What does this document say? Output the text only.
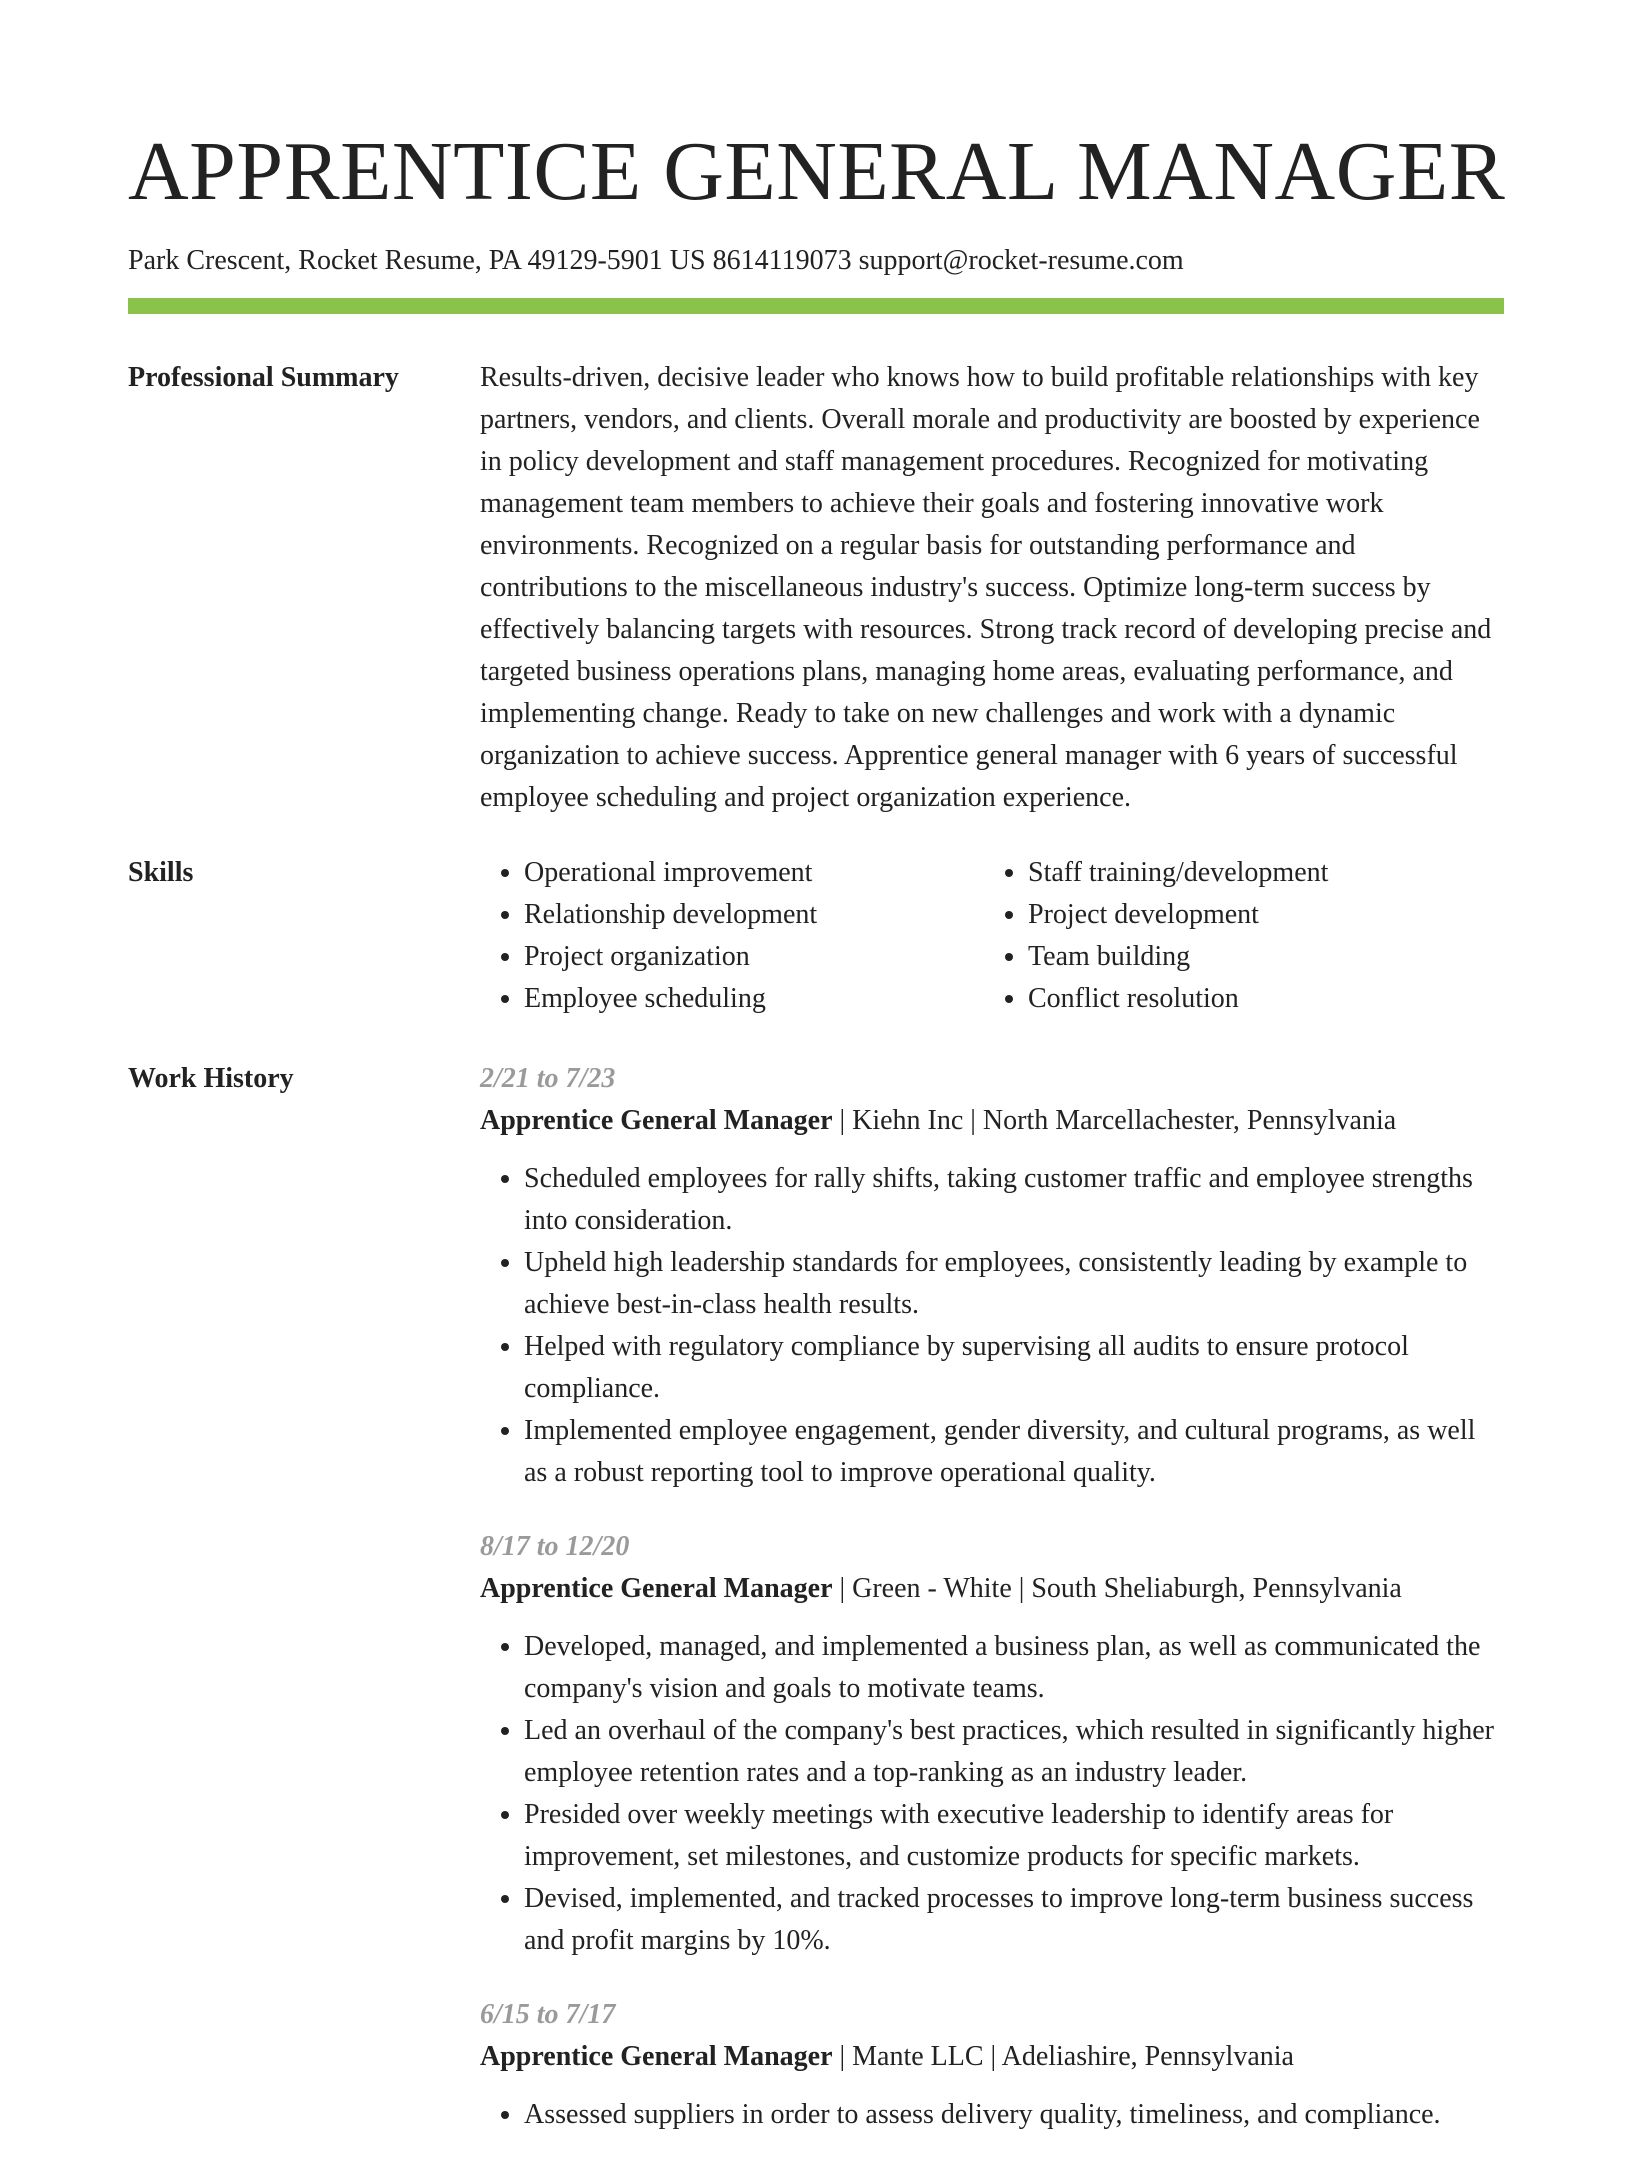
APPRENTICE GENERAL MANAGER
Park Crescent, Rocket Resume, PA 49129-5901 US 8614119073 support@rocket-resume.com
Professional Summary	Results-driven, decisive leader who knows how to build profitable relationships with key partners, vendors, and clients. Overall morale and productivity are boosted by experience in policy development and staff management procedures. Recognized for motivating management team members to achieve their goals and fostering innovative work environments. Recognized on a regular basis for outstanding performance and contributions to the miscellaneous industry's success. Optimize long-term success by effectively balancing targets with resources. Strong track record of developing precise and targeted business operations plans, managing home areas, evaluating performance, and implementing change. Ready to take on new challenges and work with a dynamic organization to achieve success. Apprentice general manager with 6 years of successful employee scheduling and project organization experience.

Skills
•	Operational improvement
• Relationship development
• Project organization
• Employee scheduling
• Staff training/development
• Project development
• Team building
• Conflict resolution
Work History	2/21 to 7/23
Apprentice General Manager | Kiehn Inc | North Marcellachester, Pennsylvania
• Scheduled employees for rally shifts, taking customer traffic and employee strengths into consideration.
• Upheld high leadership standards for employees, consistently leading by example to achieve best-in-class health results.
• Helped with regulatory compliance by supervising all audits to ensure protocol compliance.
• Implemented employee engagement, gender diversity, and cultural programs, as well as a robust reporting tool to improve operational quality.
8/17 to 12/20
Apprentice General Manager | Green - White | South Sheliaburgh, Pennsylvania
• Developed, managed, and implemented a business plan, as well as communicated the company's vision and goals to motivate teams.
• Led an overhaul of the company's best practices, which resulted in significantly higher employee retention rates and a top-ranking as an industry leader.
• Presided over weekly meetings with executive leadership to identify areas for improvement, set milestones, and customize products for specific markets.
• Devised, implemented, and tracked processes to improve long-term business success and profit margins by 10%.
6/15 to 7/17
Apprentice General Manager | Mante LLC | Adeliashire, Pennsylvania
• Assessed suppliers in order to assess delivery quality, timeliness, and compliance.
